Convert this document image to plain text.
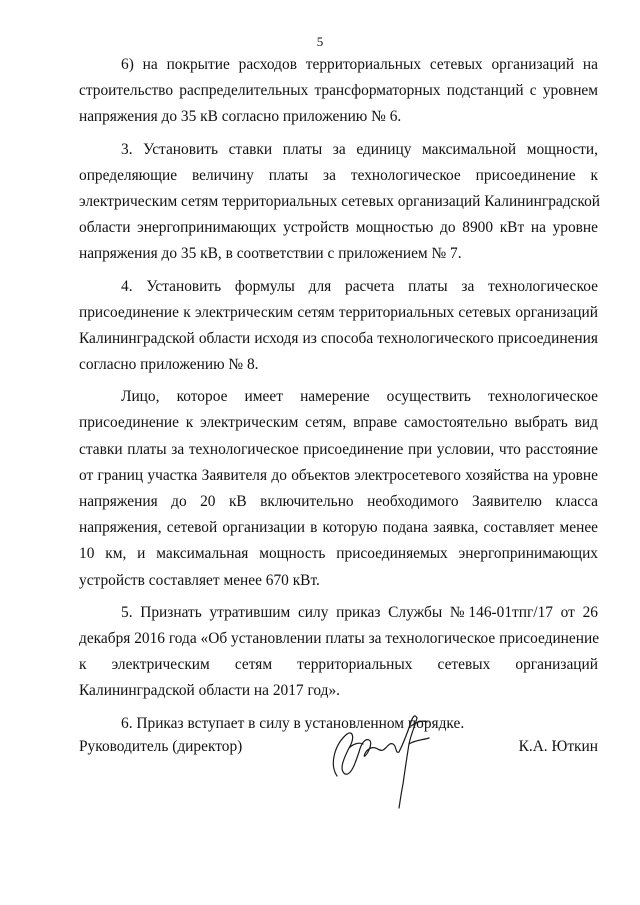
5
6) на покрытие расходов территориальных сетевых организаций на
строительство распределительных трансформаторных подстанций с уровнем
напряжения до 35 кВ согласно приложению № 6.
3. Установить ставки платы за единицу максимальной мощности,
определяющие величину платы за технологическое присоединение к
электрическим сетям территориальных сетевых организаций Калининградской
области энергопринимающих устройств мощностью до 8900 кВт на уровне
напряжения до 35 кВ, в соответствии с приложением № 7.
4. Установить формулы для расчета платы за технологическое
присоединение к электрическим сетям территориальных сетевых организаций
Калининградской области исходя из способа технологического присоединения
согласно приложению № 8.
Лицо, которое имеет намерение осуществить технологическое
присоединение к электрическим сетям, вправе самостоятельно выбрать вид
ставки платы за технологическое присоединение при условии, что расстояние
от границ участка Заявителя до объектов электросетевого хозяйства на уровне
напряжения до 20 кВ включительно необходимого Заявителю класса
напряжения, сетевой организации в которую подана заявка, составляет менее
10 км, и максимальная мощность присоединяемых энергопринимающих
устройств составляет менее 670 кВт.
5. Признать утратившим силу приказ Службы №146-01тпг/17 от 26
декабря 2016 года «Об установлении платы за технологическое присоединение
к электрическим сетям территориальных сетевых организаций
Калининградской области на 2017 год».
6. Приказ вступает в силу в установленном порядке.
Руководитель (директор)	К.А. Юткин
